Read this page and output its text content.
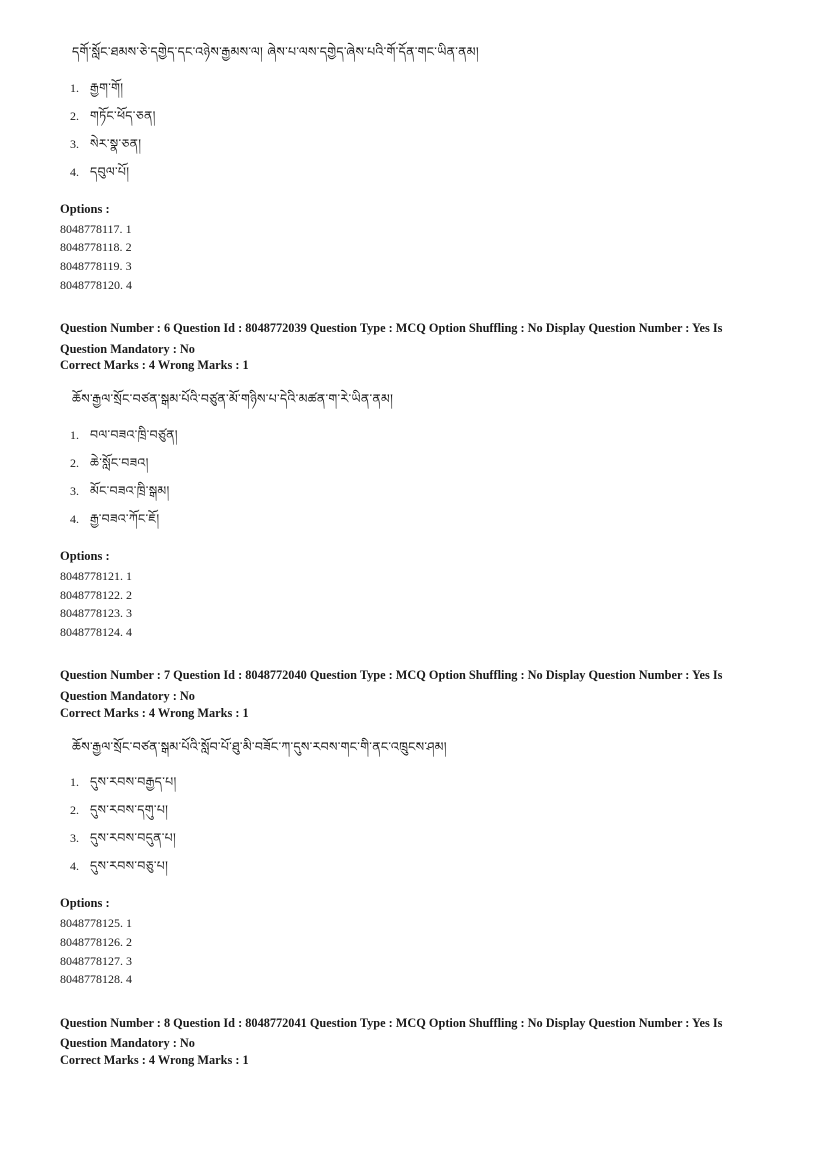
དགོ་སློང་ཐམས་ཅེ་དགྱེད་དང་འཉེས་རྒྱམས་ལ། ཞེས་པ་ལས་དགྱེད་ཞེས་པའི་གོ་དོན་གང་ཡིན་ནམ།
1. རྒྱག་གོ།
2. གཏོང་ཕོད་ཅན།
3. སེར་སྣ་ཅན།
4. དབུལ་པོ།
Options :
8048778117. 1
8048778118. 2
8048778119. 3
8048778120. 4
Question Number : 6 Question Id : 8048772039 Question Type : MCQ Option Shuffling : No Display Question Number : Yes Is
Question Mandatory : No
Correct Marks : 4 Wrong Marks : 1
ཆོས་རྒྱལ་སྲོང་བཙན་སྒམ་པོའི་བཙུན་མོ་གཉིས་པ་དེའི་མཚན་ག་རེ་ཡིན་ནམ།
1. བལ་བཟའ་ཁྲི་བཙུན།
2. ཆེ་སློང་བཟའ།
3. མོང་བཟའ་ཁྲི་སྒམ།
4. རྒྱ་བཟའ་ཀོང་ཇོ།
Options :
8048778121. 1
8048778122. 2
8048778123. 3
8048778124. 4
Question Number : 7 Question Id : 8048772040 Question Type : MCQ Option Shuffling : No Display Question Number : Yes Is
Question Mandatory : No
Correct Marks : 4 Wrong Marks : 1
ཆོས་རྒྱལ་སྲོང་བཙན་སྒམ་པོའི་སློབ་པོ་ཐུ་མི་བཟོང་ཀ་དུས་རབས་གང་གི་ནང་འཁྲུངས་ཤམ།
1. དུས་རབས་བརྒྱད་པ།
2. དུས་རབས་དགུ་པ།
3. དུས་རབས་བདུན་པ།
4. དུས་རབས་བཅུ་པ།
Options :
8048778125. 1
8048778126. 2
8048778127. 3
8048778128. 4
Question Number : 8 Question Id : 8048772041 Question Type : MCQ Option Shuffling : No Display Question Number : Yes Is
Question Mandatory : No
Correct Marks : 4 Wrong Marks : 1
